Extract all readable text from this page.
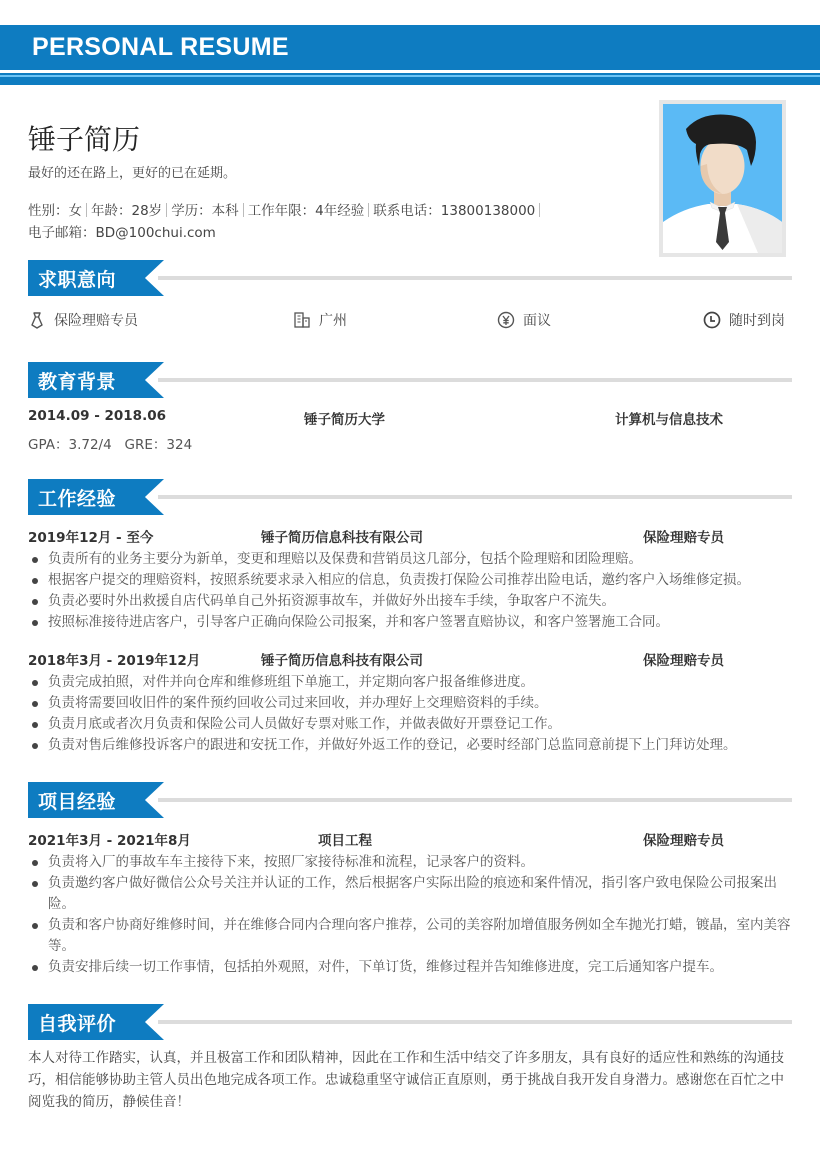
PERSONAL RESUME
锤子简历
最好的还在路上，更好的已在延期。
性别：女 年龄：28岁 学历：本科 工作年限：4年经验 联系电话：13800138000
电子邮箱：BD@100chui.com
求职意向
保险理赔专员	广州	面议	随时到岗
教育背景
2014.09 - 2018.06	锤子简历大学	计算机与信息技术
GPA：3.72/4   GRE：324
工作经验
2019年12月 - 至今	锤子简历信息科技有限公司	保险理赔专员
负责所有的业务主要分为新单，变更和理赔以及保费和营销员这几部分，包括个险理赔和团险理赔。
根据客户提交的理赔资料，按照系统要求录入相应的信息，负责拨打保险公司推荐出险电话，邀约客户入场维修定损。
负责必要时外出救援自店代码单自己外拓资源事故车，并做好外出接车手续，争取客户不流失。
按照标准接待进店客户，引导客户正确向保险公司报案，并和客户签署直赔协议，和客户签署施工合同。
2018年3月 - 2019年12月	锤子简历信息科技有限公司	保险理赔专员
负责完成拍照，对件并向仓库和维修班组下单施工，并定期向客户报备维修进度。
负责将需要回收旧件的案件预约回收公司过来回收，并办理好上交理赔资料的手续。
负责月底或者次月负责和保险公司人员做好专票对账工作，并做表做好开票登记工作。
负责对售后维修投诉客户的跟进和安抚工作，并做好外返工作的登记，必要时经部门总监同意前提下上门拜访处理。
项目经验
2021年3月 - 2021年8月	项目工程	保险理赔专员
负责将入厂的事故车车主接待下来，按照厂家接待标准和流程，记录客户的资料。
负责邀约客户做好微信公众号关注并认证的工作，然后根据客户实际出险的痕迹和案件情况，指引客户致电保险公司报案出险。
负责和客户协商好维修时间，并在维修合同内合理向客户推荐，公司的美容附加增值服务例如全车抛光打蜡，镀晶，室内美容等。
负责安排后续一切工作事情，包括拍外观照，对件，下单订货，维修过程并告知维修进度，完工后通知客户提车。
自我评价
本人对待工作踏实，认真，并且极富工作和团队精神，因此在工作和生活中结交了许多朋友，具有良好的适应性和熟练的沟通技巧，相信能够协助主管人员出色地完成各项工作。忠诚稳重坚守诚信正直原则，勇于挑战自我开发自身潜力。感谢您在百忙之中阅览我的简历，静候佳音！
